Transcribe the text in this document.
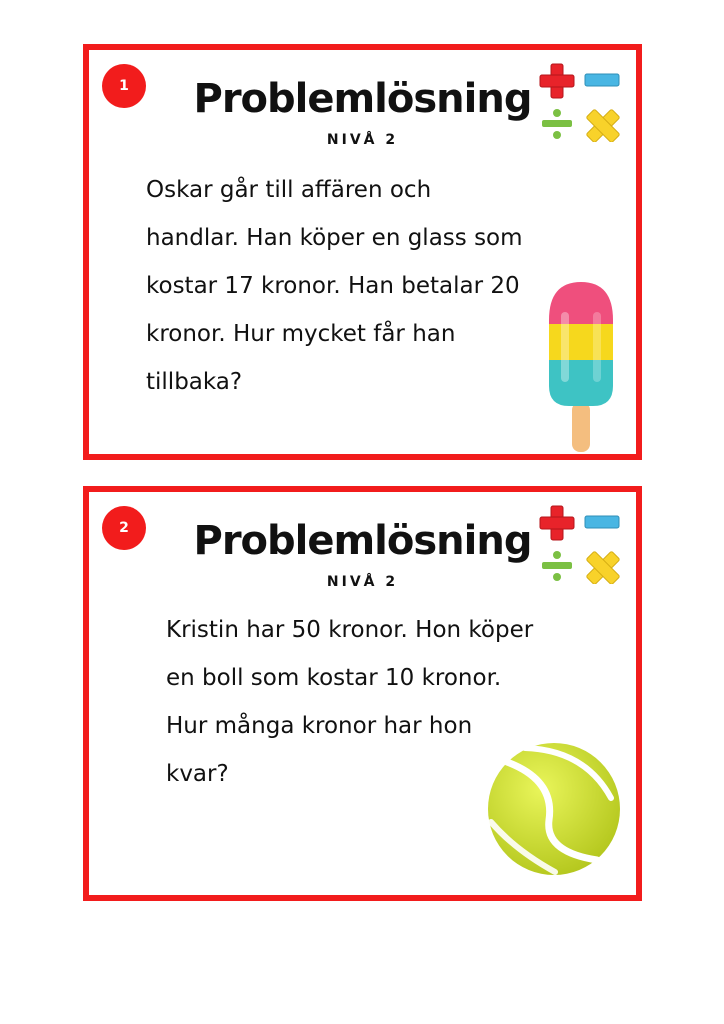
1	Problemlösning
NIVÅ 2

Oskar går till affären och
handlar. Han köper en glass som
kostar 17 kronor. Han betalar 20
kronor. Hur mycket får han
tillbaka?

2	Problemlösning
NIVÅ 2

Kristin har 50 kronor. Hon köper
en boll som kostar 10 kronor.
Hur många kronor har hon
kvar?
